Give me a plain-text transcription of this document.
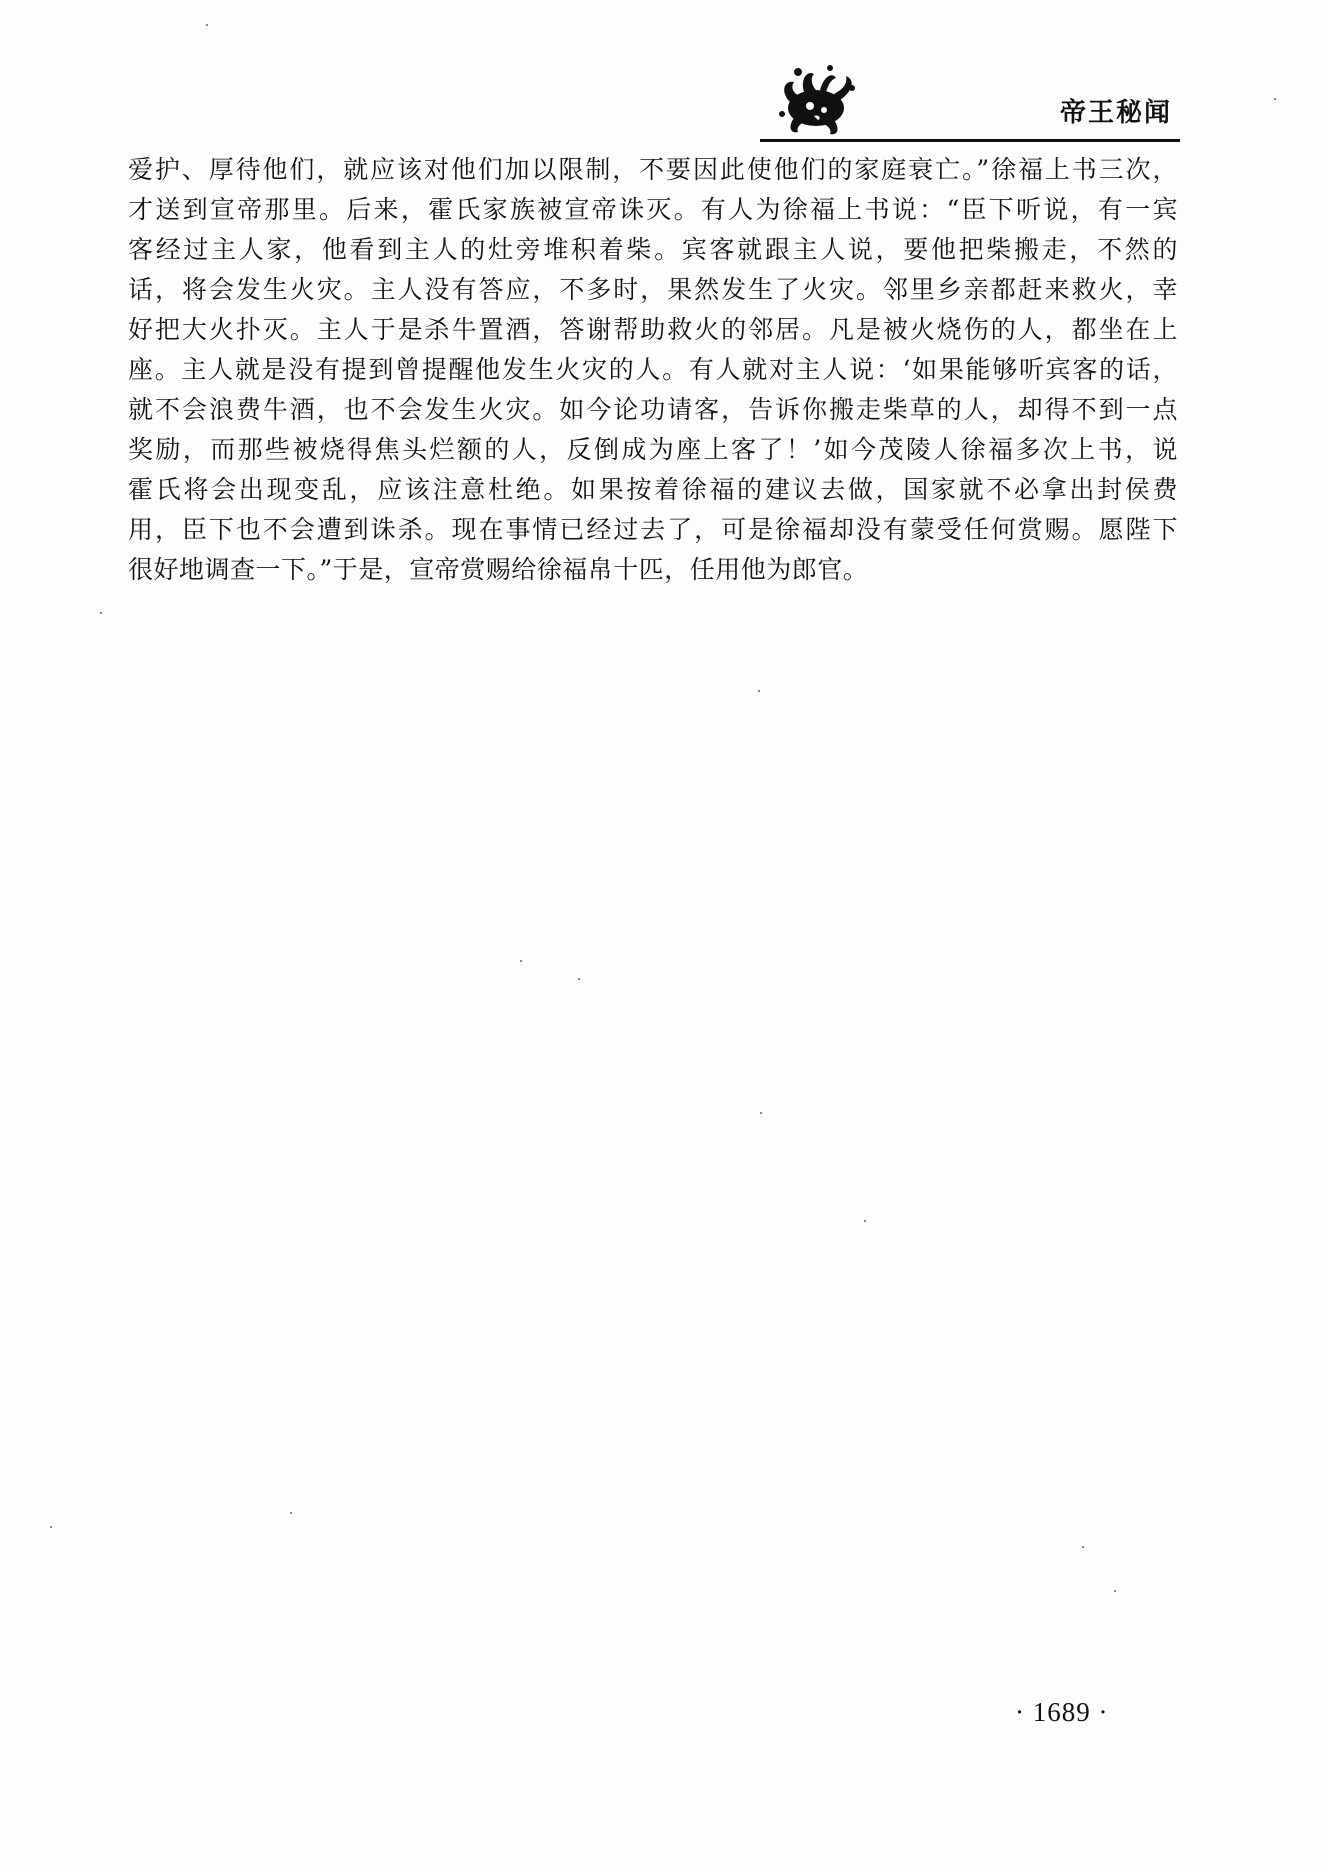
帝王秘闻
爱护、厚待他们，就应该对他们加以限制，不要因此使他们的家庭衰亡。”徐福上书三次，
才送到宣帝那里。后来，霍氏家族被宣帝诛灭。有人为徐福上书说：“臣下听说，有一宾
客经过主人家，他看到主人的灶旁堆积着柴。宾客就跟主人说，要他把柴搬走，不然的
话，将会发生火灾。主人没有答应，不多时，果然发生了火灾。邻里乡亲都赶来救火，幸
好把大火扑灭。主人于是杀牛置酒，答谢帮助救火的邻居。凡是被火烧伤的人，都坐在上
座。主人就是没有提到曾提醒他发生火灾的人。有人就对主人说：‘如果能够听宾客的话，
就不会浪费牛酒，也不会发生火灾。如今论功请客，告诉你搬走柴草的人，却得不到一点
奖励，而那些被烧得焦头烂额的人，反倒成为座上客了！’如今茂陵人徐福多次上书，说
霍氏将会出现变乱，应该注意杜绝。如果按着徐福的建议去做，国家就不必拿出封侯费
用，臣下也不会遭到诛杀。现在事情已经过去了，可是徐福却没有蒙受任何赏赐。愿陛下
很好地调查一下。”于是，宣帝赏赐给徐福帛十匹，任用他为郎官。
· 1689 ·
